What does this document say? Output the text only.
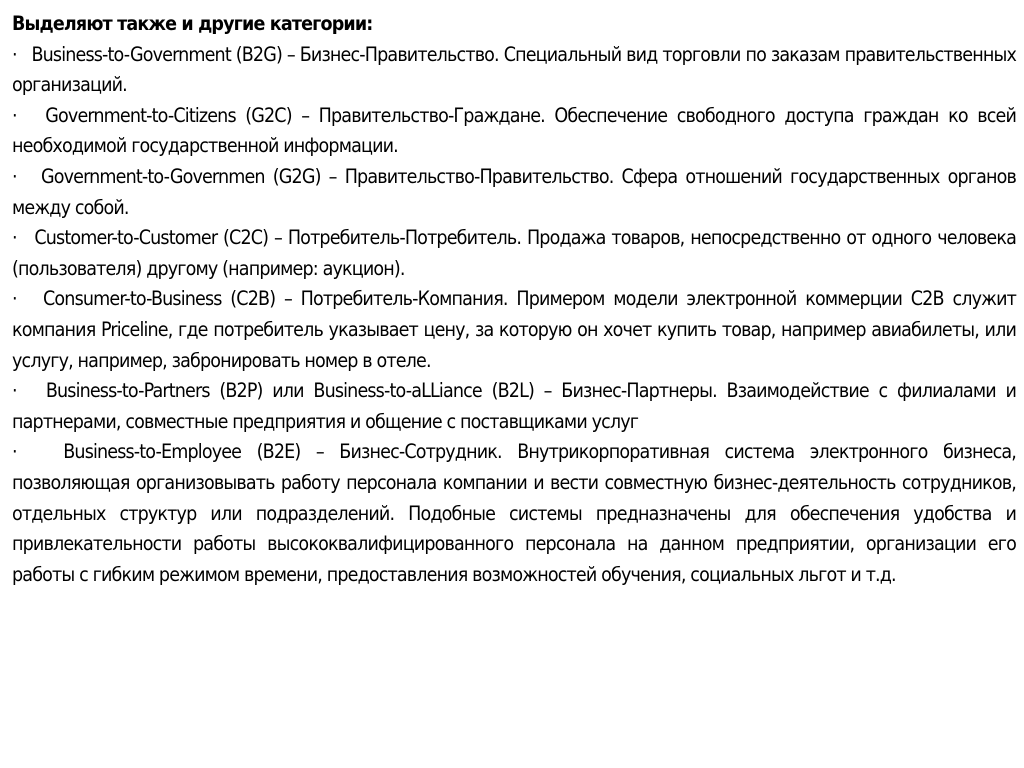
Выделяют также и другие категории:

·   Business-to-Government (B2G) – Бизнес-Правительство. Специальный вид торговли по заказам правительственных организаций.

·   Government-to-Citizens (G2C) – Правительство-Граждане. Обеспечение свободного доступа граждан ко всей необходимой государственной информации.

·   Government-to-Governmen (G2G) – Правительство-Правительство. Сфера отношений государственных органов между собой.

·   Customer-to-Customer (C2C) – Потребитель-Потребитель. Продажа товаров, непосредственно от одного человека (пользователя) другому (например: аукцион).

·   Consumer-to-Business (C2B) – Потребитель-Компания. Примером модели электронной коммерции C2B служит компания Priceline, где потребитель указывает цену, за которую он хочет купить товар, например авиабилеты, или услугу, например, забронировать номер в отеле.

·   Business-to-Partners (B2P) или Business-to-aLLiance (B2L) – Бизнес-Партнеры. Взаимодействие с филиалами и партнерами, совместные предприятия и общение с поставщиками услуг

·   Business-to-Employee (B2E) – Бизнес-Сотрудник. Внутрикорпоративная система электронного бизнеса, позволяющая организовывать работу персонала компании и вести совместную бизнес-деятельность сотрудников, отдельных структур или подразделений. Подобные системы предназначены для обеспечения удобства и привлекательности работы высококвалифицированного персонала на данном предприятии, организации его работы с гибким режимом времени, предоставления возможностей обучения, социальных льгот и т.д.
